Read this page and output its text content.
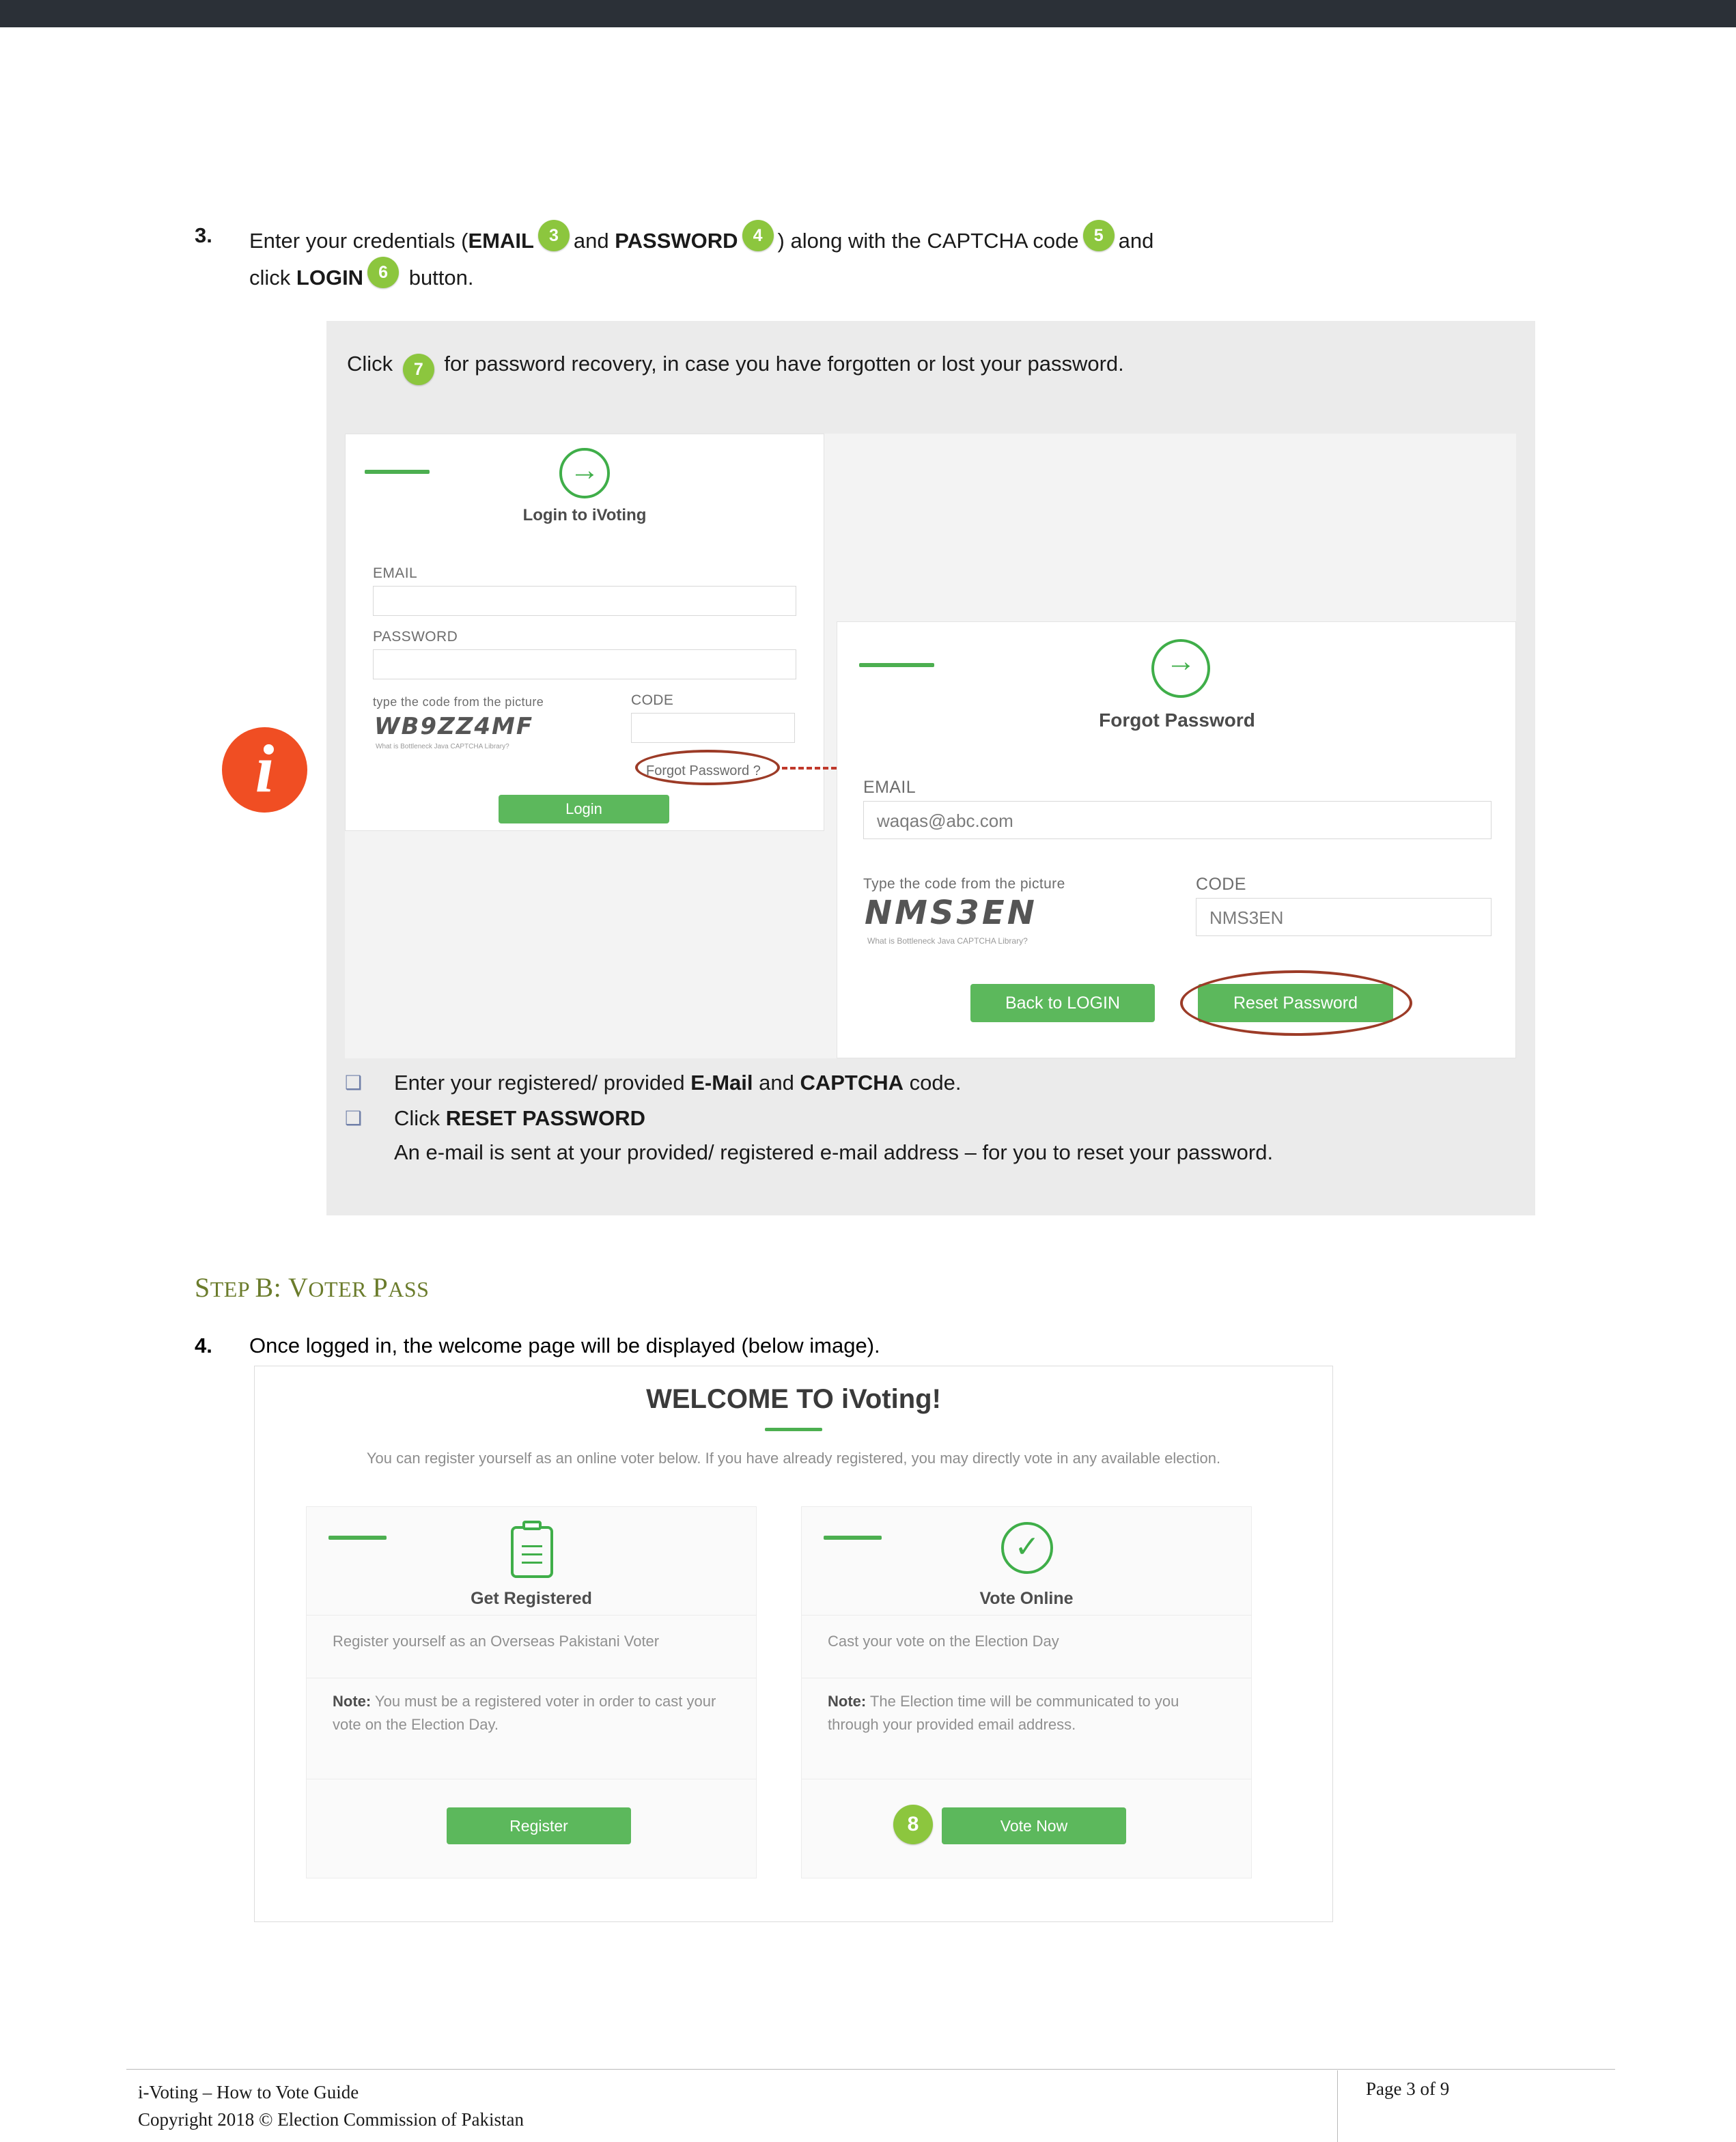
3. Enter your credentials (EMAIL 3 and PASSWORD 4 ) along with the CAPTCHA code 5 and
click LOGIN 6 button.
Click 7 for password recovery, in case you have forgotten or lost your password.
i
→
Login to iVoting
EMAIL
PASSWORD
type the code from the picture
WB9ZZ4MF
What is Bottleneck Java CAPTCHA Library?
CODE
Forgot Password ?
Login
→
Forgot Password
EMAIL
waqas@abc.com
Type the code from the picture
NMS3EN
What is Bottleneck Java CAPTCHA Library?
CODE
NMS3EN
Back to LOGIN	Reset Password
❑ Enter your registered/ provided E-Mail and CAPTCHA code.
❑ Click RESET PASSWORD
An e-mail is sent at your provided/ registered e-mail address – for you to reset your password.
STEP B: VOTER PASS
4. Once logged in, the welcome page will be displayed (below image).
WELCOME TO iVoting!
You can register yourself as an online voter below. If you have already registered, you may directly vote in any available election.
Get Registered
Register yourself as an Overseas Pakistani Voter
Note: You must be a registered voter in order to cast your vote on the Election Day.
Register
✓
Vote Online
Cast your vote on the Election Day
Note: The Election time will be communicated to you through your provided email address.
Vote Now
8
i-Voting – How to Vote Guide
Copyright 2018 © Election Commission of Pakistan
Page 3 of 9
